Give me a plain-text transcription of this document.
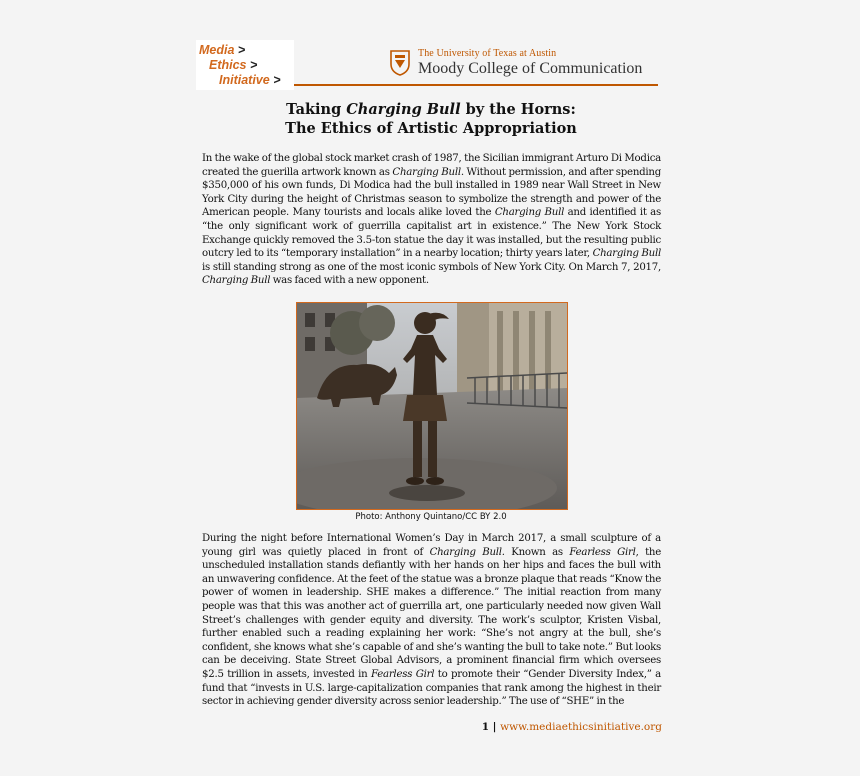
Media >
Ethics >
Initiative >
The University of Texas at Austin
Moody College of Communication
Taking Charging Bull by the Horns:
The Ethics of Artistic Appropriation
In the wake of the global stock market crash of 1987, the Sicilian immigrant Arturo Di Modica created the guerilla artwork known as Charging Bull. Without permission, and after spending $350,000 of his own funds, Di Modica had the bull installed in 1989 near Wall Street in New York City during the height of Christmas season to symbolize the strength and power of the American people. Many tourists and locals alike loved the Charging Bull and identified it as “the only significant work of guerrilla capitalist art in existence.” The New York Stock Exchange quickly removed the 3.5-ton statue the day it was installed, but the resulting public outcry led to its “temporary installation” in a nearby location; thirty years later, Charging Bull is still standing strong as one of the most iconic symbols of New York City. On March 7, 2017, Charging Bull was faced with a new opponent.
Photo: Anthony Quintano/CC BY 2.0
During the night before International Women’s Day in March 2017, a small sculpture of a young girl was quietly placed in front of Charging Bull. Known as Fearless Girl, the unscheduled installation stands defiantly with her hands on her hips and faces the bull with an unwavering confidence. At the feet of the statue was a bronze plaque that reads “Know the power of women in leadership. SHE makes a difference.” The initial reaction from many people was that this was another act of guerrilla art, one particularly needed now given Wall Street’s challenges with gender equity and diversity. The work’s sculptor, Kristen Visbal, further enabled such a reading explaining her work: “She’s not angry at the bull, she’s confident, she knows what she’s capable of and she’s wanting the bull to take note.” But looks can be deceiving. State Street Global Advisors, a prominent financial firm which oversees $2.5 trillion in assets, invested in Fearless Girl to promote their “Gender Diversity Index,” a fund that “invests in U.S. large-capitalization companies that rank among the highest in their sector in achieving gender diversity across senior leadership.” The use of “SHE” in the
1 | www.mediaethicsinitiative.org
